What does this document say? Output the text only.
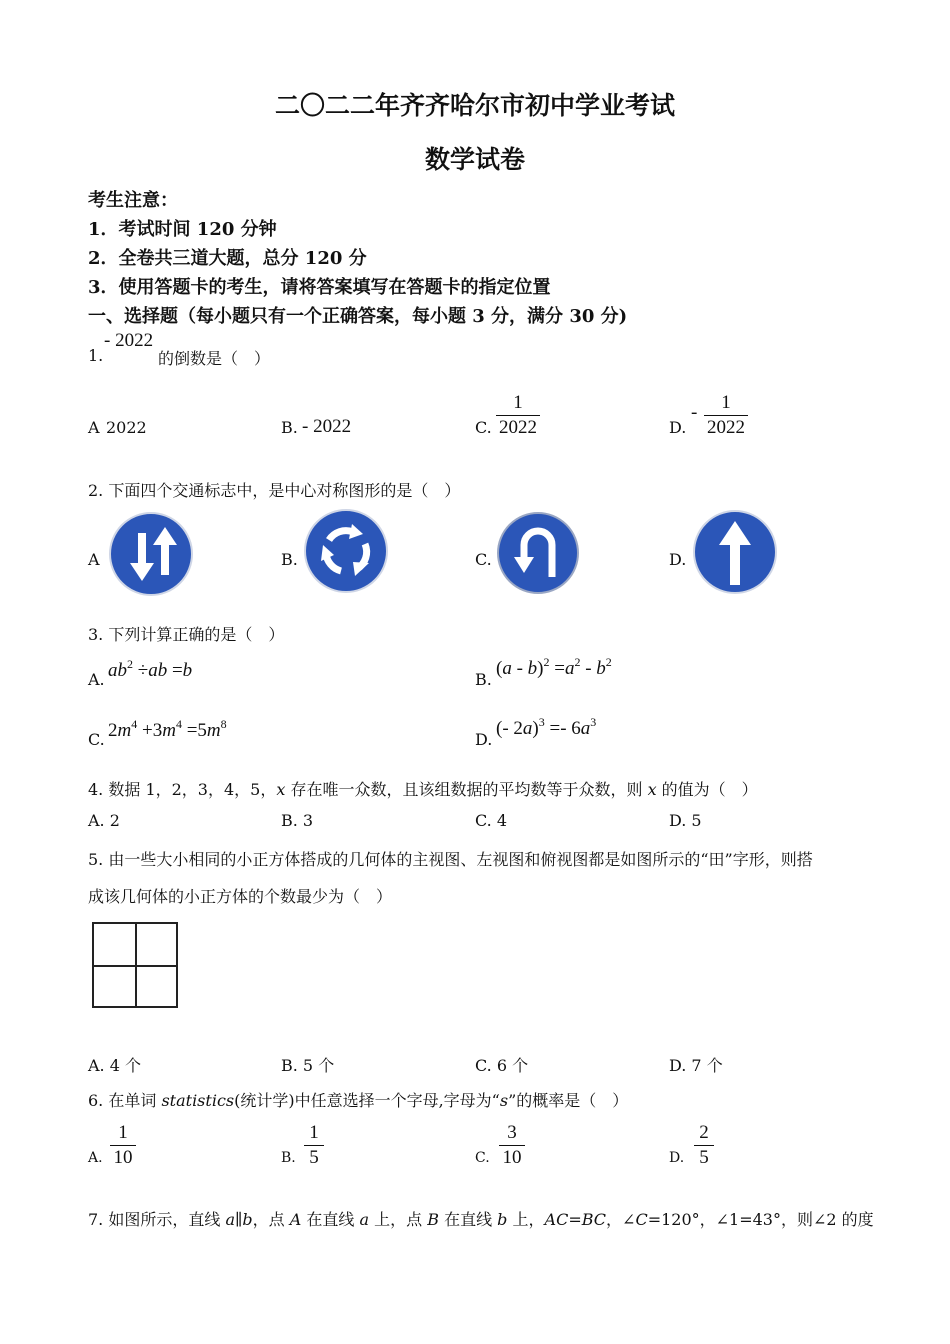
二〇二二年齐齐哈尔市初中学业考试
数学试卷
考生注意：
1．考试时间 120 分钟
2．全卷共三道大题，总分 120 分
3．使用答题卡的考生，请将答案填写在答题卡的指定位置
一、选择题（每小题只有一个正确答案，每小题 3 分，满分 30 分)
1.
- 2022
的倒数是（　）
A 2022	B. - 2022	C.
1
2022	D.
-	1
2022
2. 下面四个交通标志中，是中心对称图形的是（　）
A	B.	C.	D.
3. 下列计算正确的是（　）
A. $ab^2 \div ab =b$	B.
$(a - b)^2 =a^2 - b^2$
C. $2m^4 +3m^4 =5m^8$
D.
(- $2a)^3 =- 6a^3$
4. 数据 1，2，3，4，5，x 存在唯一众数，且该组数据的平均数等于众数，则 x 的值为（　）
A. 2	B. 3	C. 4	D. 5
5. 由一些大小相同的小正方体搭成的几何体的主视图、左视图和俯视图都是如图所示的“田”字形，则搭
成该几何体的小正方体的个数最少为（　）
A. 4 个	B. 5 个	C. 6 个	D. 7 个
6. 在单词 statistics(统计学)中任意选择一个字母,字母为“s”的概率是（　）
A.
1
10	B.
1
5	C.
3
10	D.
2
5
7. 如图所示，直线 a∥b，点 A 在直线 a 上，点 B 在直线 b 上，AC=BC，∠C=120°，∠1=43°，则∠2 的度
